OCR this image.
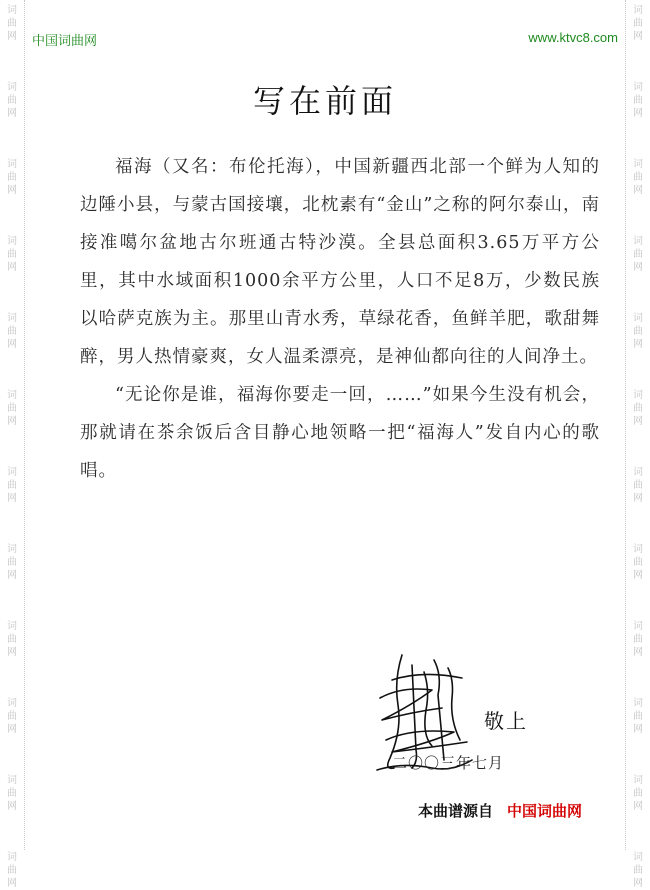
词
曲
网
词
曲
网
词
曲
网
词
曲
网
词
曲
网
词
曲
网
词
曲
网
词
曲
网
词
曲
网
词
曲
网
词
曲
网
词
曲
网
词
曲
网
词
曲
网
词
曲
网
词
曲
网
词
曲
网
词
曲
网
词
曲
网
词
曲
网
词
曲
网
词
曲
网
词
曲
网
词
曲
网
中国词曲网	www.ktvc8.com
写在前面

福海（又名：布伦托海），中国新疆西北部一个鲜为人知的边陲小县，与蒙古国接壤，北枕素有“金山”之称的阿尔泰山，南接准噶尔盆地古尔班通古特沙漠。全县总面积3.65万平方公里，其中水域面积1000余平方公里，人口不足8万，少数民族以哈萨克族为主。那里山青水秀，草绿花香，鱼鲜羊肥，歌甜舞醉，男人热情豪爽，女人温柔漂亮，是神仙都向往的人间净土。

“无论你是谁，福海你要走一回，……”如果今生没有机会，那就请在茶余饭后含目静心地领略一把“福海人”发自内心的歌唱。

敬上
二〇〇三年七月
本曲谱源自 中国词曲网
